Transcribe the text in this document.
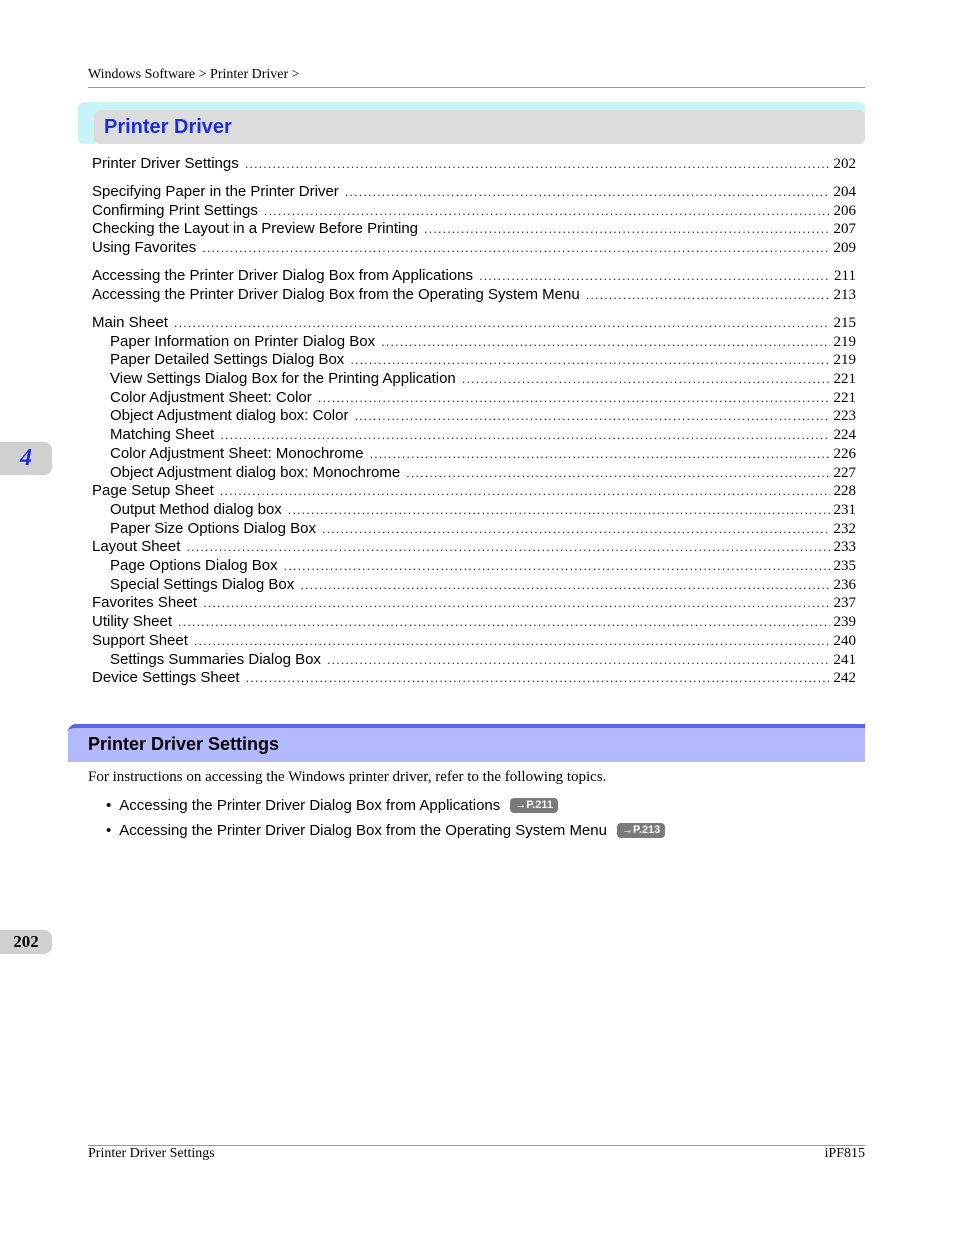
Windows Software > Printer Driver >
Printer Driver
Printer Driver Settings .....	202
Specifying Paper in the Printer Driver .....	204
Confirming Print Settings .....	206
Checking the Layout in a Preview Before Printing .....	207
Using Favorites .....	209
Accessing the Printer Driver Dialog Box from Applications .....	211
Accessing the Printer Driver Dialog Box from the Operating System Menu .....	213
Main Sheet .....	215
Paper Information on Printer Dialog Box .....	219
Paper Detailed Settings Dialog Box .....	219
View Settings Dialog Box for the Printing Application .....	221
Color Adjustment Sheet: Color .....	221
Object Adjustment dialog box: Color .....	223
Matching Sheet .....	224
Color Adjustment Sheet: Monochrome .....	226
Object Adjustment dialog box: Monochrome .....	227
Page Setup Sheet .....	228
Output Method dialog box .....	231
Paper Size Options Dialog Box .....	232
Layout Sheet .....	233
Page Options Dialog Box .....	235
Special Settings Dialog Box .....	236
Favorites Sheet .....	237
Utility Sheet .....	239
Support Sheet .....	240
Settings Summaries Dialog Box .....	241
Device Settings Sheet .....	242
4
Printer Driver Settings
For instructions on accessing the Windows printer driver, refer to the following topics.
• Accessing the Printer Driver Dialog Box from Applications	→P.211
• Accessing the Printer Driver Dialog Box from the Operating System Menu	→P.213
202
Printer Driver Settings	iPF815
